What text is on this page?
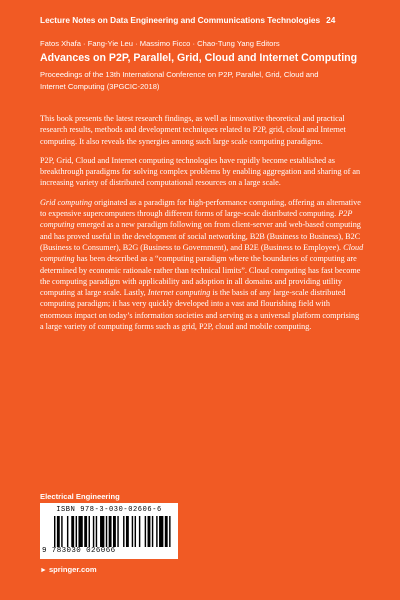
Lecture Notes on Data Engineering and Communications Technologies 24
Fatos Xhafa · Fang-Yie Leu · Massimo Ficco · Chao-Tung Yang Editors
Advances on P2P, Parallel, Grid, Cloud and Internet Computing
Proceedings of the 13th International Conference on P2P, Parallel, Grid, Cloud and Internet Computing (3PGCIC-2018)

This book presents the latest research findings, as well as innovative theoretical and practical research results, methods and development techniques related to P2P, grid, cloud and Internet computing. It also reveals the synergies among such large scale computing paradigms.

P2P, Grid, Cloud and Internet computing technologies have rapidly become established as breakthrough paradigms for solving complex problems by enabling aggregation and sharing of an increasing variety of distributed computational resources on a large scale.

Grid computing originated as a paradigm for high-performance computing, offering an alternative to expensive supercomputers through different forms of large-scale distributed computing. P2P computing emerged as a new paradigm following on from client-server and web-based computing and has proved useful in the development of social networking, B2B (Business to Business), B2C (Business to Consumer), B2G (Business to Government), and B2E (Business to Employee). Cloud computing has been described as a “computing paradigm where the boundaries of computing are determined by economic rationale rather than technical limits”. Cloud computing has fast become the computing paradigm with applicability and adoption in all domains and providing utility computing at large scale. Lastly, Internet computing is the basis of any large-scale distributed computing paradigm; it has very quickly developed into a vast and flourishing field with enormous impact on today’s information societies and serving as a universal platform comprising a large variety of computing forms such as grid, P2P, cloud and mobile computing.

Electrical Engineering
ISBN 978-3-030-02606-6
9 783030 026066
► springer.com
